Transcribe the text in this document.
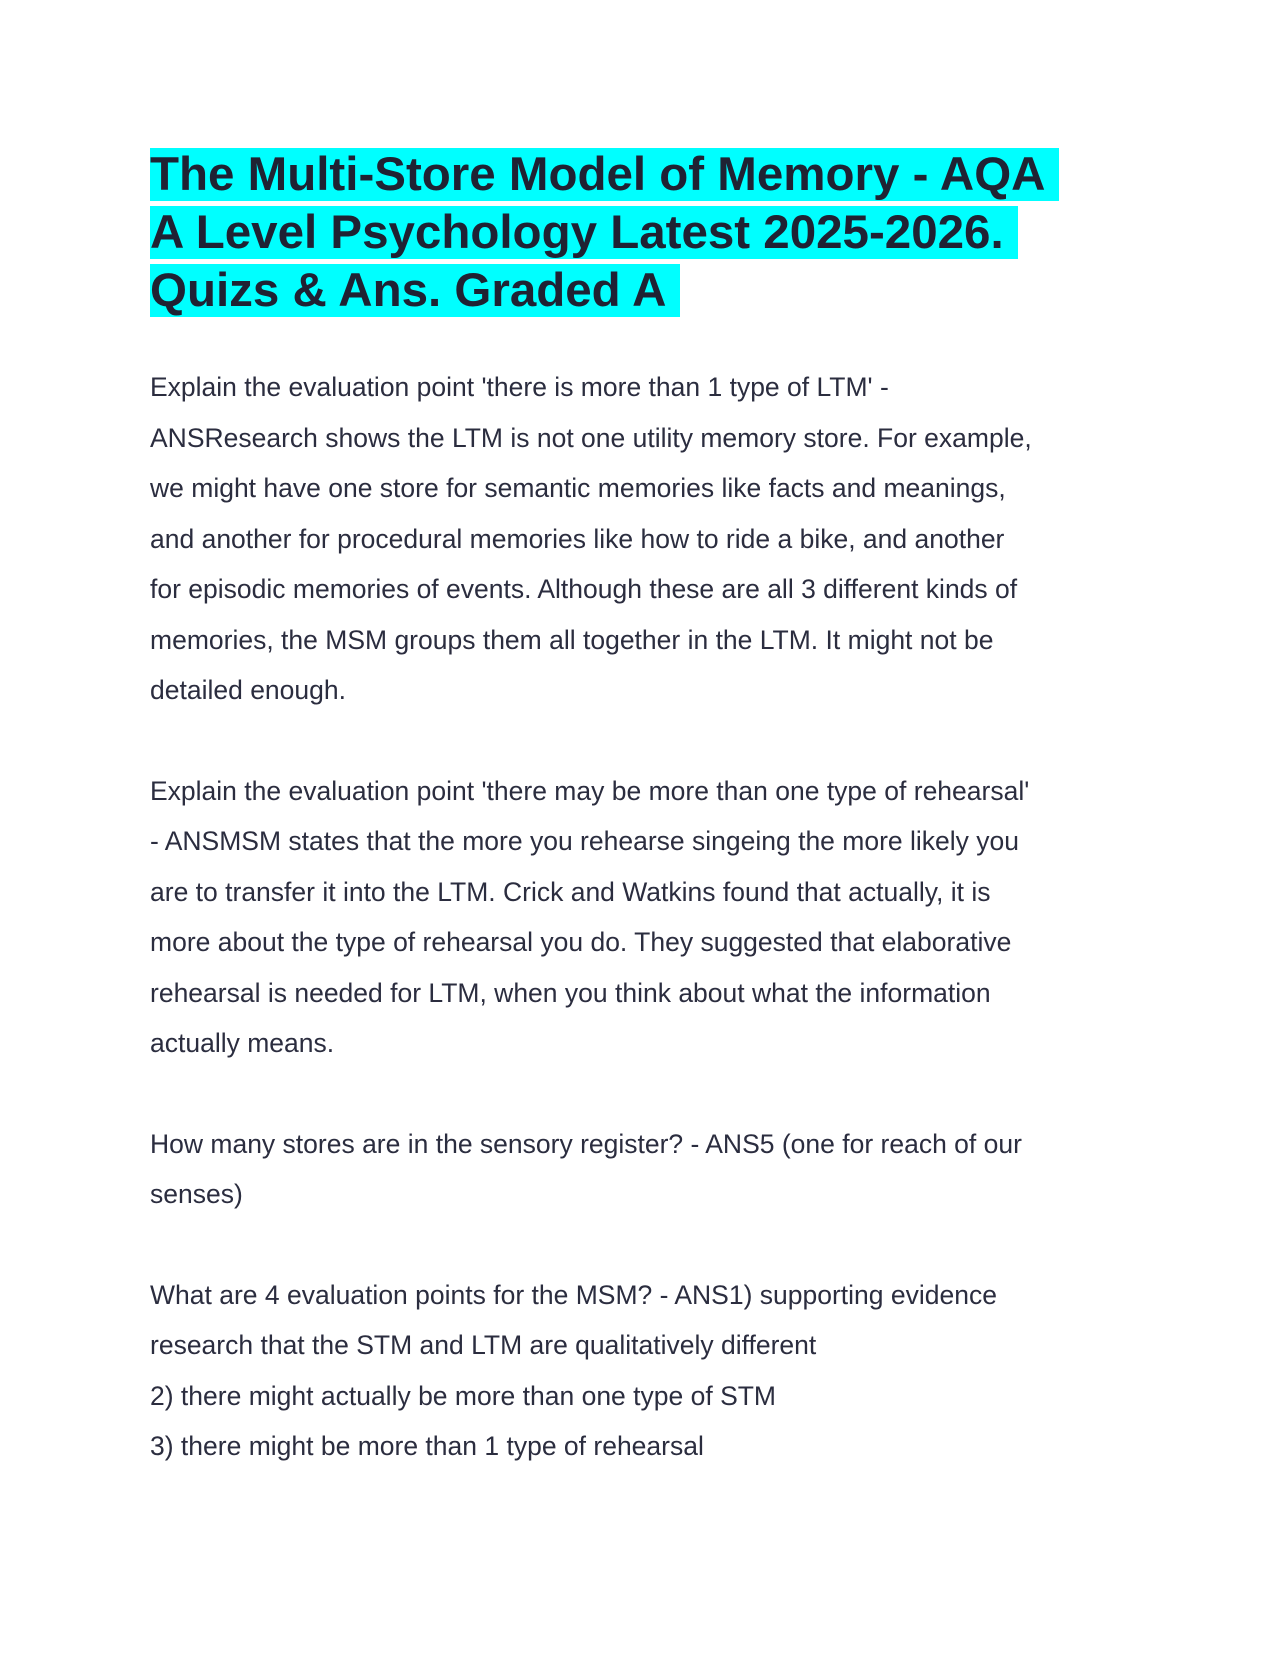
The Multi-Store Model of Memory - AQA
A Level Psychology Latest 2025-2026.
Quizs & Ans. Graded A

Explain the evaluation point 'there is more than 1 type of LTM' -
ANSResearch shows the LTM is not one utility memory store. For example,
we might have one store for semantic memories like facts and meanings,
and another for procedural memories like how to ride a bike, and another
for episodic memories of events. Although these are all 3 different kinds of
memories, the MSM groups them all together in the LTM. It might not be
detailed enough.

Explain the evaluation point 'there may be more than one type of rehearsal'
- ANSMSM states that the more you rehearse singeing the more likely you
are to transfer it into the LTM. Crick and Watkins found that actually, it is
more about the type of rehearsal you do. They suggested that elaborative
rehearsal is needed for LTM, when you think about what the information
actually means.

How many stores are in the sensory register? - ANS5 (one for reach of our
senses)

What are 4 evaluation points for the MSM? - ANS1) supporting evidence
research that the STM and LTM are qualitatively different
2) there might actually be more than one type of STM
3) there might be more than 1 type of rehearsal
